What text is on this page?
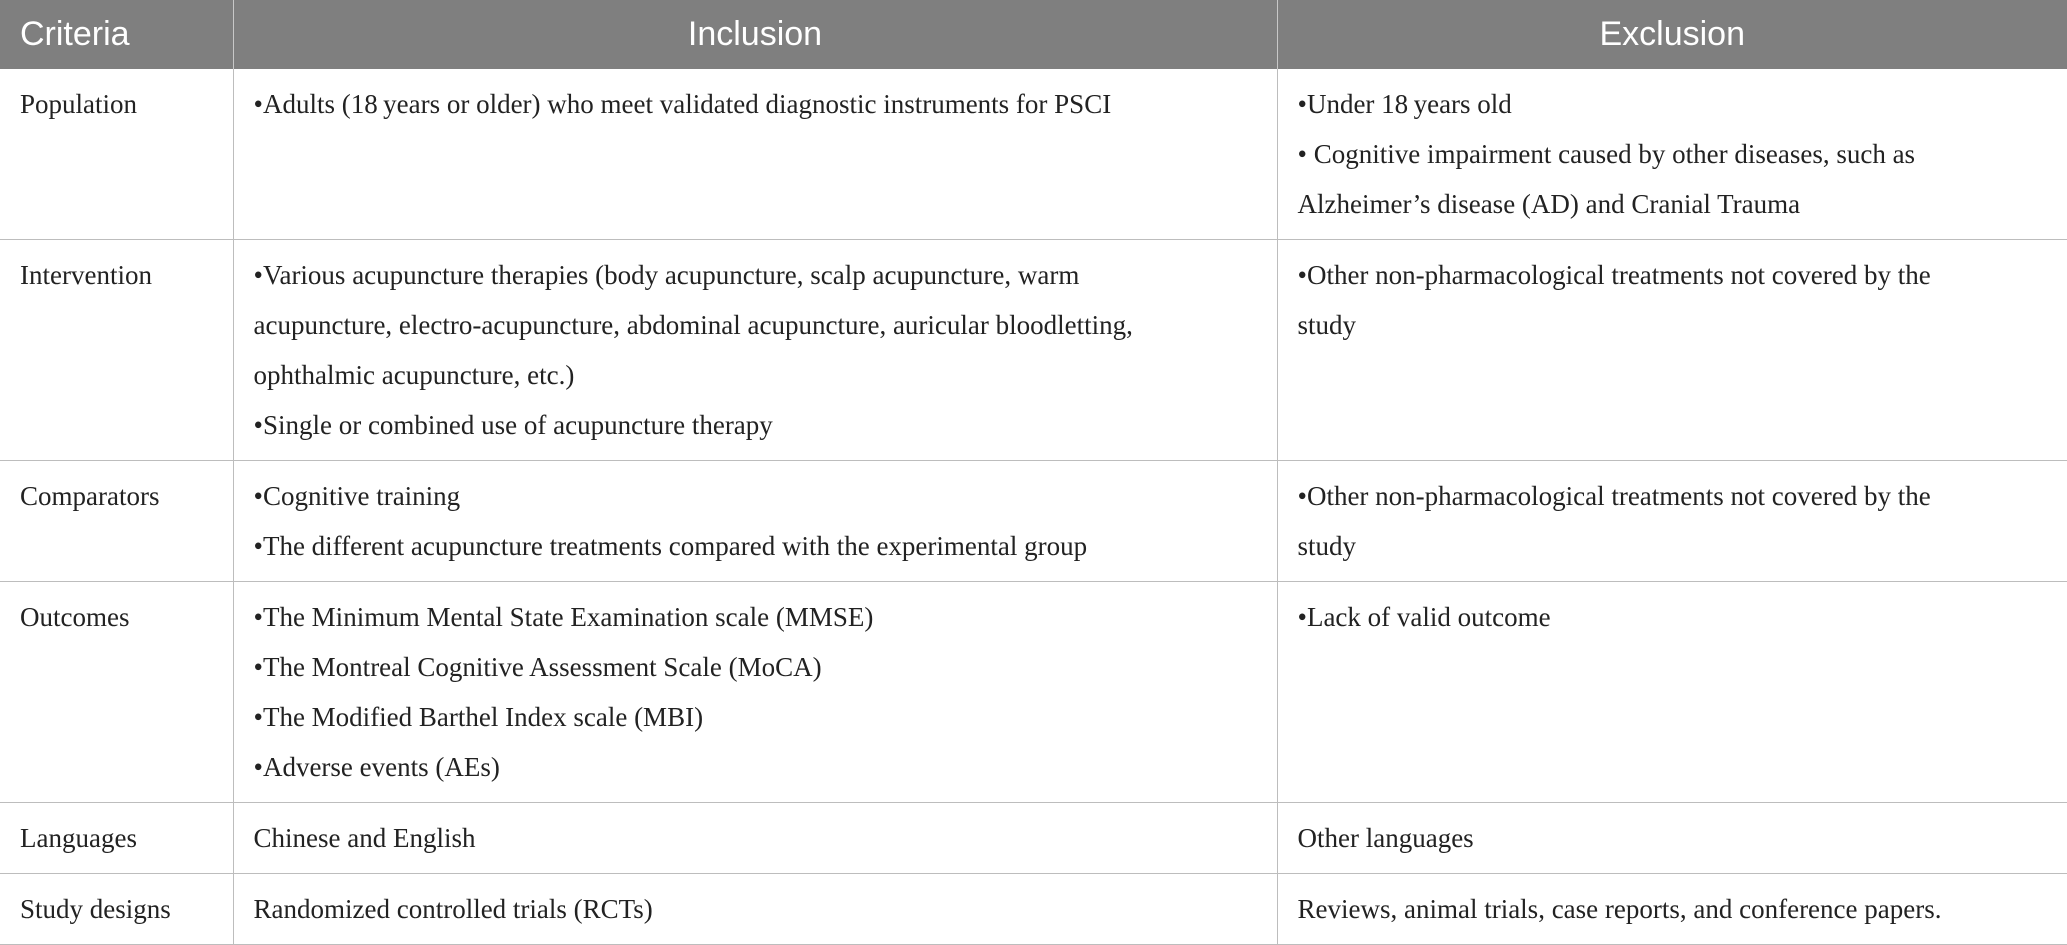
Criteria	Inclusion	Exclusion

Population	•Adults (18 years or older) who meet validated diagnostic instruments for PSCI	•Under 18 years old
• Cognitive impairment caused by other diseases, such as
Alzheimer’s disease (AD) and Cranial Trauma

Intervention	•Various acupuncture therapies (body acupuncture, scalp acupuncture, warm
acupuncture, electro-acupuncture, abdominal acupuncture, auricular bloodletting,
ophthalmic acupuncture, etc.)
•Single or combined use of acupuncture therapy	•Other non-pharmacological treatments not covered by the
study

Comparators	•Cognitive training
•The different acupuncture treatments compared with the experimental group	•Other non-pharmacological treatments not covered by the
study

Outcomes	•The Minimum Mental State Examination scale (MMSE)
•The Montreal Cognitive Assessment Scale (MoCA)
•The Modified Barthel Index scale (MBI)
•Adverse events (AEs)	•Lack of valid outcome

Languages	Chinese and English	Other languages

Study designs	Randomized controlled trials (RCTs)	Reviews, animal trials, case reports, and conference papers.
